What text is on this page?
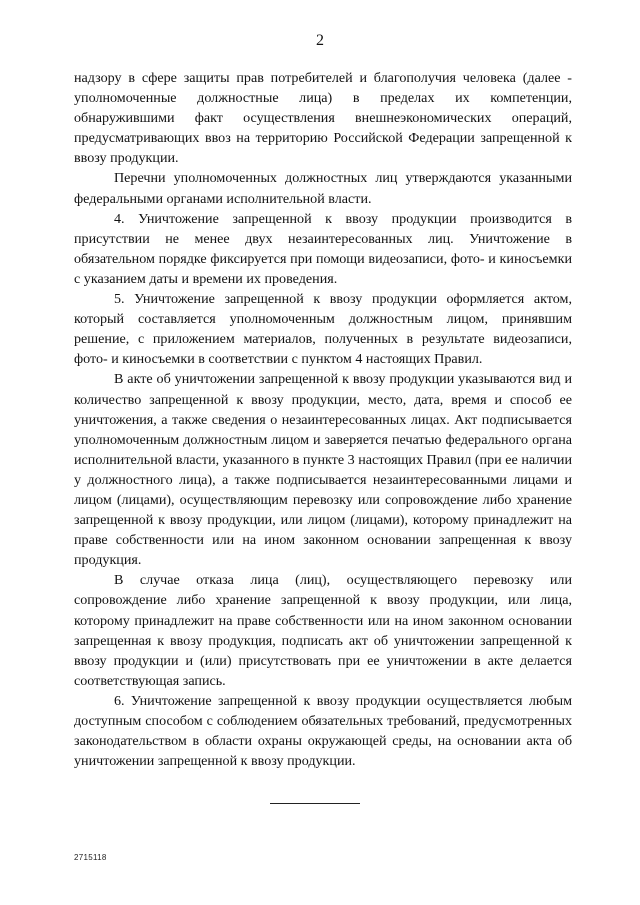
2

надзору в сфере защиты прав потребителей и благополучия человека (далее - уполномоченные должностные лица) в пределах их компетенции, обнаружившими факт осуществления внешнеэкономических операций, предусматривающих ввоз на территорию Российской Федерации запрещенной к ввозу продукции.

Перечни уполномоченных должностных лиц утверждаются указанными федеральными органами исполнительной власти.

4. Уничтожение запрещенной к ввозу продукции производится в присутствии не менее двух незаинтересованных лиц. Уничтожение в обязательном порядке фиксируется при помощи видеозаписи, фото- и киносъемки с указанием даты и времени их проведения.

5. Уничтожение запрещенной к ввозу продукции оформляется актом, который составляется уполномоченным должностным лицом, принявшим решение, с приложением материалов, полученных в результате видеозаписи, фото- и киносъемки в соответствии с пунктом 4 настоящих Правил.

В акте об уничтожении запрещенной к ввозу продукции указываются вид и количество запрещенной к ввозу продукции, место, дата, время и способ ее уничтожения, а также сведения о незаинтересованных лицах. Акт подписывается уполномоченным должностным лицом и заверяется печатью федерального органа исполнительной власти, указанного в пункте 3 настоящих Правил (при ее наличии у должностного лица), а также подписывается незаинтересованными лицами и лицом (лицами), осуществляющим перевозку или сопровождение либо хранение запрещенной к ввозу продукции, или лицом (лицами), которому принадлежит на праве собственности или на ином законном основании запрещенная к ввозу продукция.

В случае отказа лица (лиц), осуществляющего перевозку или сопровождение либо хранение запрещенной к ввозу продукции, или лица, которому принадлежит на праве собственности или на ином законном основании запрещенная к ввозу продукция, подписать акт об уничтожении запрещенной к ввозу продукции и (или) присутствовать при ее уничтожении в акте делается соответствующая запись.

6. Уничтожение запрещенной к ввозу продукции осуществляется любым доступным способом с соблюдением обязательных требований, предусмотренных законодательством в области охраны окружающей среды, на основании акта об уничтожении запрещенной к ввозу продукции.

2715118
